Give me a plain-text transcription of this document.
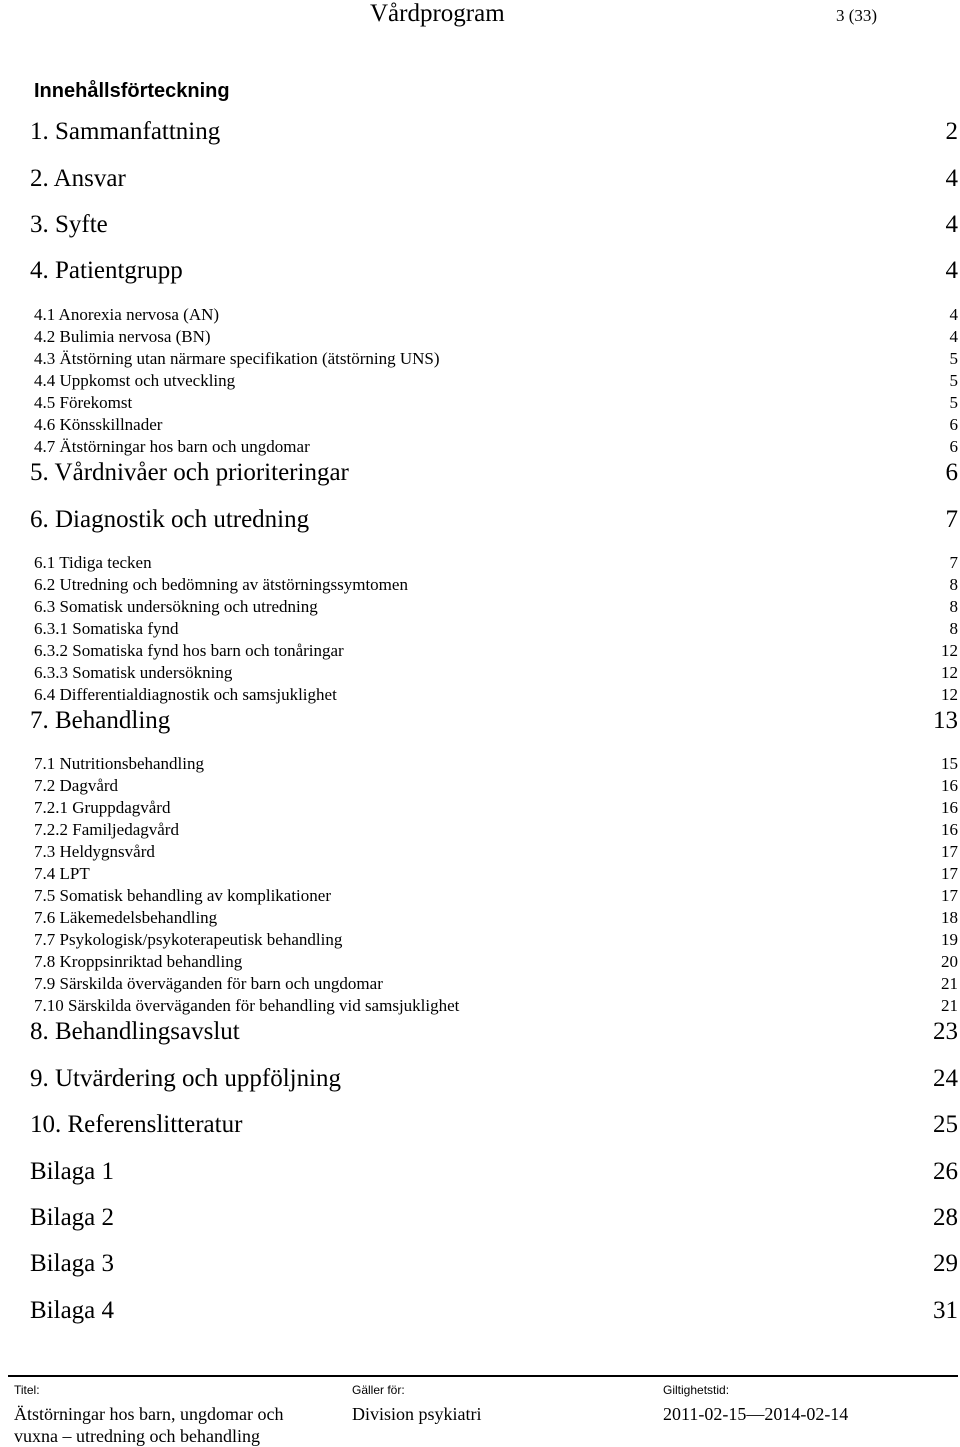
Vårdprogram	3 (33)
Innehållsförteckning
1. Sammanfattning	2
2. Ansvar	4
3. Syfte	4
4. Patientgrupp	4
4.1 Anorexia nervosa (AN)	4
4.2 Bulimia nervosa (BN)	4
4.3 Ätstörning utan närmare specifikation (ätstörning UNS)	5
4.4 Uppkomst och utveckling	5
4.5 Förekomst	5
4.6 Könsskillnader	6
4.7 Ätstörningar hos barn och ungdomar	6
5. Vårdnivåer och prioriteringar	6
6. Diagnostik och utredning	7
6.1 Tidiga tecken	7
6.2 Utredning och bedömning av ätstörningssymtomen	8
6.3 Somatisk undersökning och utredning	8
6.3.1 Somatiska fynd	8
6.3.2 Somatiska fynd hos barn och tonåringar	12
6.3.3 Somatisk undersökning	12
6.4 Differentialdiagnostik och samsjuklighet	12
7. Behandling	13
7.1 Nutritionsbehandling	15
7.2 Dagvård	16
7.2.1 Gruppdagvård	16
7.2.2 Familjedagvård	16
7.3 Heldygnsvård	17
7.4 LPT	17
7.5 Somatisk behandling av komplikationer	17
7.6 Läkemedelsbehandling	18
7.7 Psykologisk/psykoterapeutisk behandling	19
7.8 Kroppsinriktad behandling	20
7.9 Särskilda överväganden för barn och ungdomar	21
7.10 Särskilda överväganden för behandling vid samsjuklighet	21
8. Behandlingsavslut	23
9. Utvärdering och uppföljning	24
10. Referenslitteratur	25
Bilaga 1	26
Bilaga 2	28
Bilaga 3	29
Bilaga 4	31
Titel:
Ätstörningar hos barn, ungdomar och
vuxna – utredning och behandling
Gäller för:
Division psykiatri
Giltighetstid:
2011-02-15—2014-02-14
